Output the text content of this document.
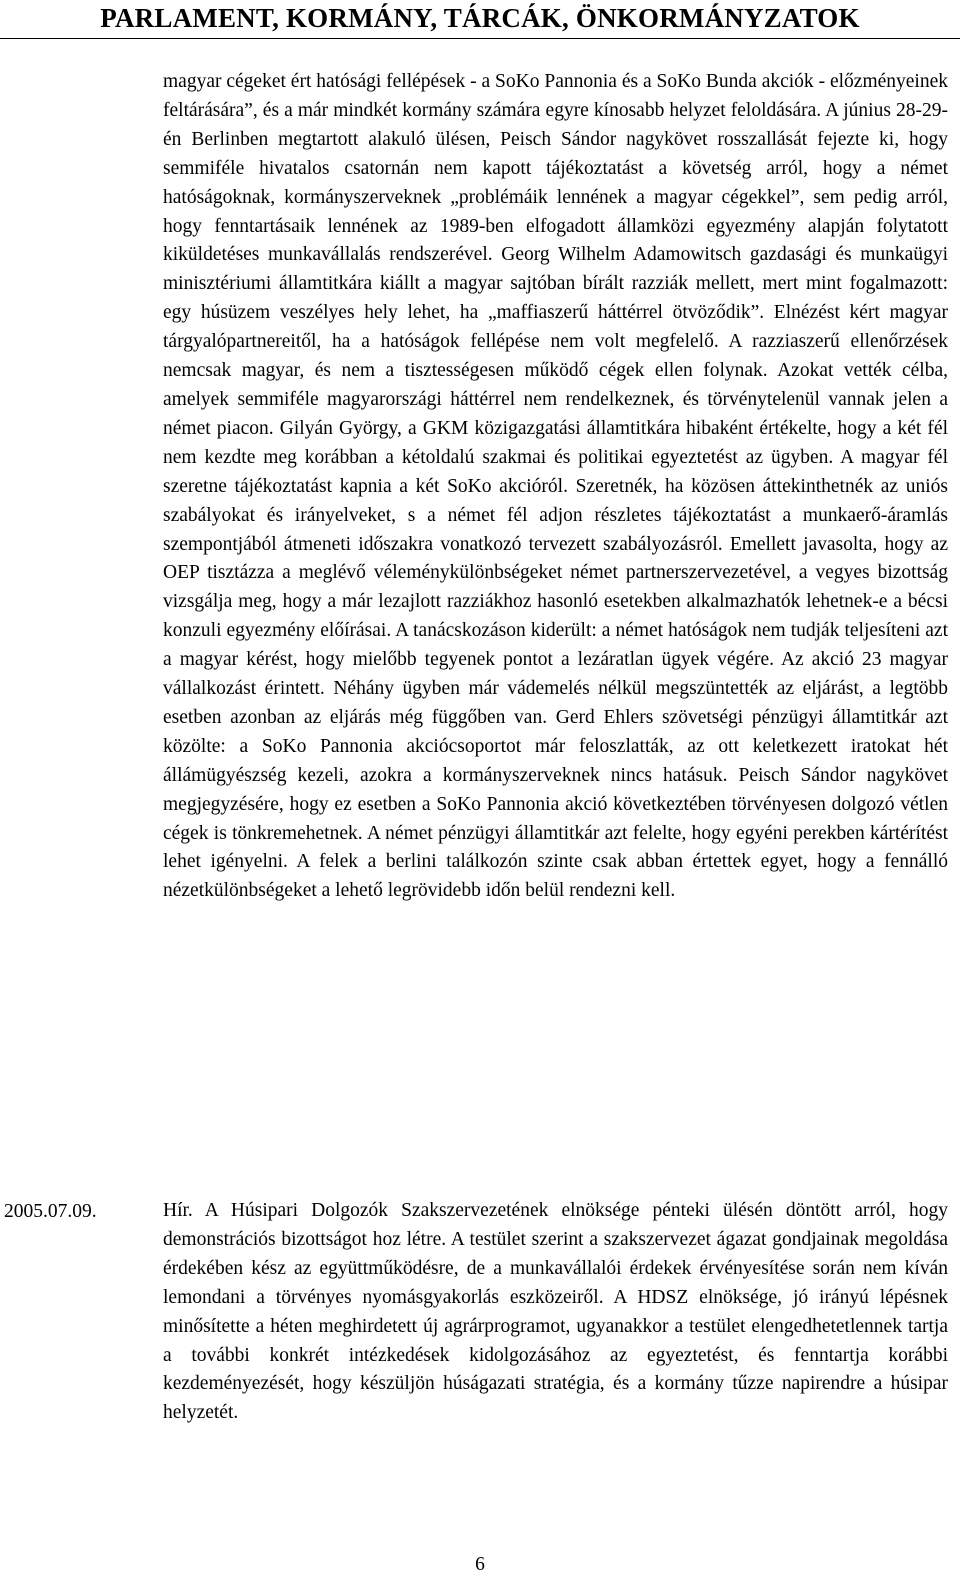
PARLAMENT, KORMÁNY, TÁRCÁK, ÖNKORMÁNYZATOK

magyar cégeket ért hatósági fellépések - a SoKo Pannonia és a SoKo Bunda akciók - előzményeinek feltárására”, és a már mindkét kormány számára egyre kínosabb helyzet feloldására. A június 28-29-én Berlinben megtartott alakuló ülésen, Peisch Sándor nagykövet rosszallását fejezte ki, hogy semmiféle hivatalos csatornán nem kapott tájékoztatást a követség arról, hogy a német hatóságoknak, kormányszerveknek „problémáik lennének a magyar cégekkel”, sem pedig arról, hogy fenntartásaik lennének az 1989-ben elfogadott államközi egyezmény alapján folytatott kiküldetéses munkavállalás rendszerével. Georg Wilhelm Adamowitsch gazdasági és munkaügyi minisztériumi államtitkára kiállt a magyar sajtóban bírált razziák mellett, mert mint fogalmazott: egy húsüzem veszélyes hely lehet, ha „maffiaszerű háttérrel ötvöződik”. Elnézést kért magyar tárgyalópartnereitől, ha a hatóságok fellépése nem volt megfelelő. A razziaszerű ellenőrzések nemcsak magyar, és nem a tisztességesen működő cégek ellen folynak. Azokat vették célba, amelyek semmiféle magyarországi háttérrel nem rendelkeznek, és törvénytelenül vannak jelen a német piacon. Gilyán György, a GKM közigazgatási államtitkára hibaként értékelte, hogy a két fél nem kezdte meg korábban a kétoldalú szakmai és politikai egyeztetést az ügyben. A magyar fél szeretne tájékoztatást kapnia a két SoKo akcióról. Szeretnék, ha közösen áttekinthetnék az uniós szabályokat és irányelveket, s a német fél adjon részletes tájékoztatást a munkaerő-áramlás szempontjából átmeneti időszakra vonatkozó tervezett szabályozásról. Emellett javasolta, hogy az OEP tisztázza a meglévő véleménykülönbségeket német partnerszervezetével, a vegyes bizottság vizsgálja meg, hogy a már lezajlott razziákhoz hasonló esetekben alkalmazhatók lehetnek-e a bécsi konzuli egyezmény előírásai. A tanácskozáson kiderült: a német hatóságok nem tudják teljesíteni azt a magyar kérést, hogy mielőbb tegyenek pontot a lezáratlan ügyek végére. Az akció 23 magyar vállalkozást érintett. Néhány ügyben már vádemelés nélkül megszüntették az eljárást, a legtöbb esetben azonban az eljárás még függőben van. Gerd Ehlers szövetségi pénzügyi államtitkár azt közölte: a SoKo Pannonia akciócsoportot már feloszlatták, az ott keletkezett iratokat hét állámügyészség kezeli, azokra a kormányszerveknek nincs hatásuk. Peisch Sándor nagykövet megjegyzésére, hogy ez esetben a SoKo Pannonia akció következtében törvényesen dolgozó vétlen cégek is tönkremehetnek. A német pénzügyi államtitkár azt felelte, hogy egyéni perekben kártérítést lehet igényelni. A felek a berlini találkozón szinte csak abban értettek egyet, hogy a fennálló nézetkülönbségeket a lehető legrövidebb időn belül rendezni kell.

2005.07.09.	Hír. A Húsipari Dolgozók Szakszervezetének elnöksége pénteki ülésén döntött arról, hogy demonstrációs bizottságot hoz létre. A testület szerint a szakszervezet ágazat gondjainak megoldása érdekében kész az együttműködésre, de a munkavállalói érdekek érvényesítése során nem kíván lemondani a törvényes nyomásgyakorlás eszközeiről. A HDSZ elnöksége, jó irányú lépésnek minősítette a héten meghirdetett új agrárprogramot, ugyanakkor a testület elengedhetetlennek tartja a további konkrét intézkedések kidolgozásához az egyeztetést, és fenntartja korábbi kezdeményezését, hogy készüljön húságazati stratégia, és a kormány tűzze napirendre a húsipar helyzetét.

6
